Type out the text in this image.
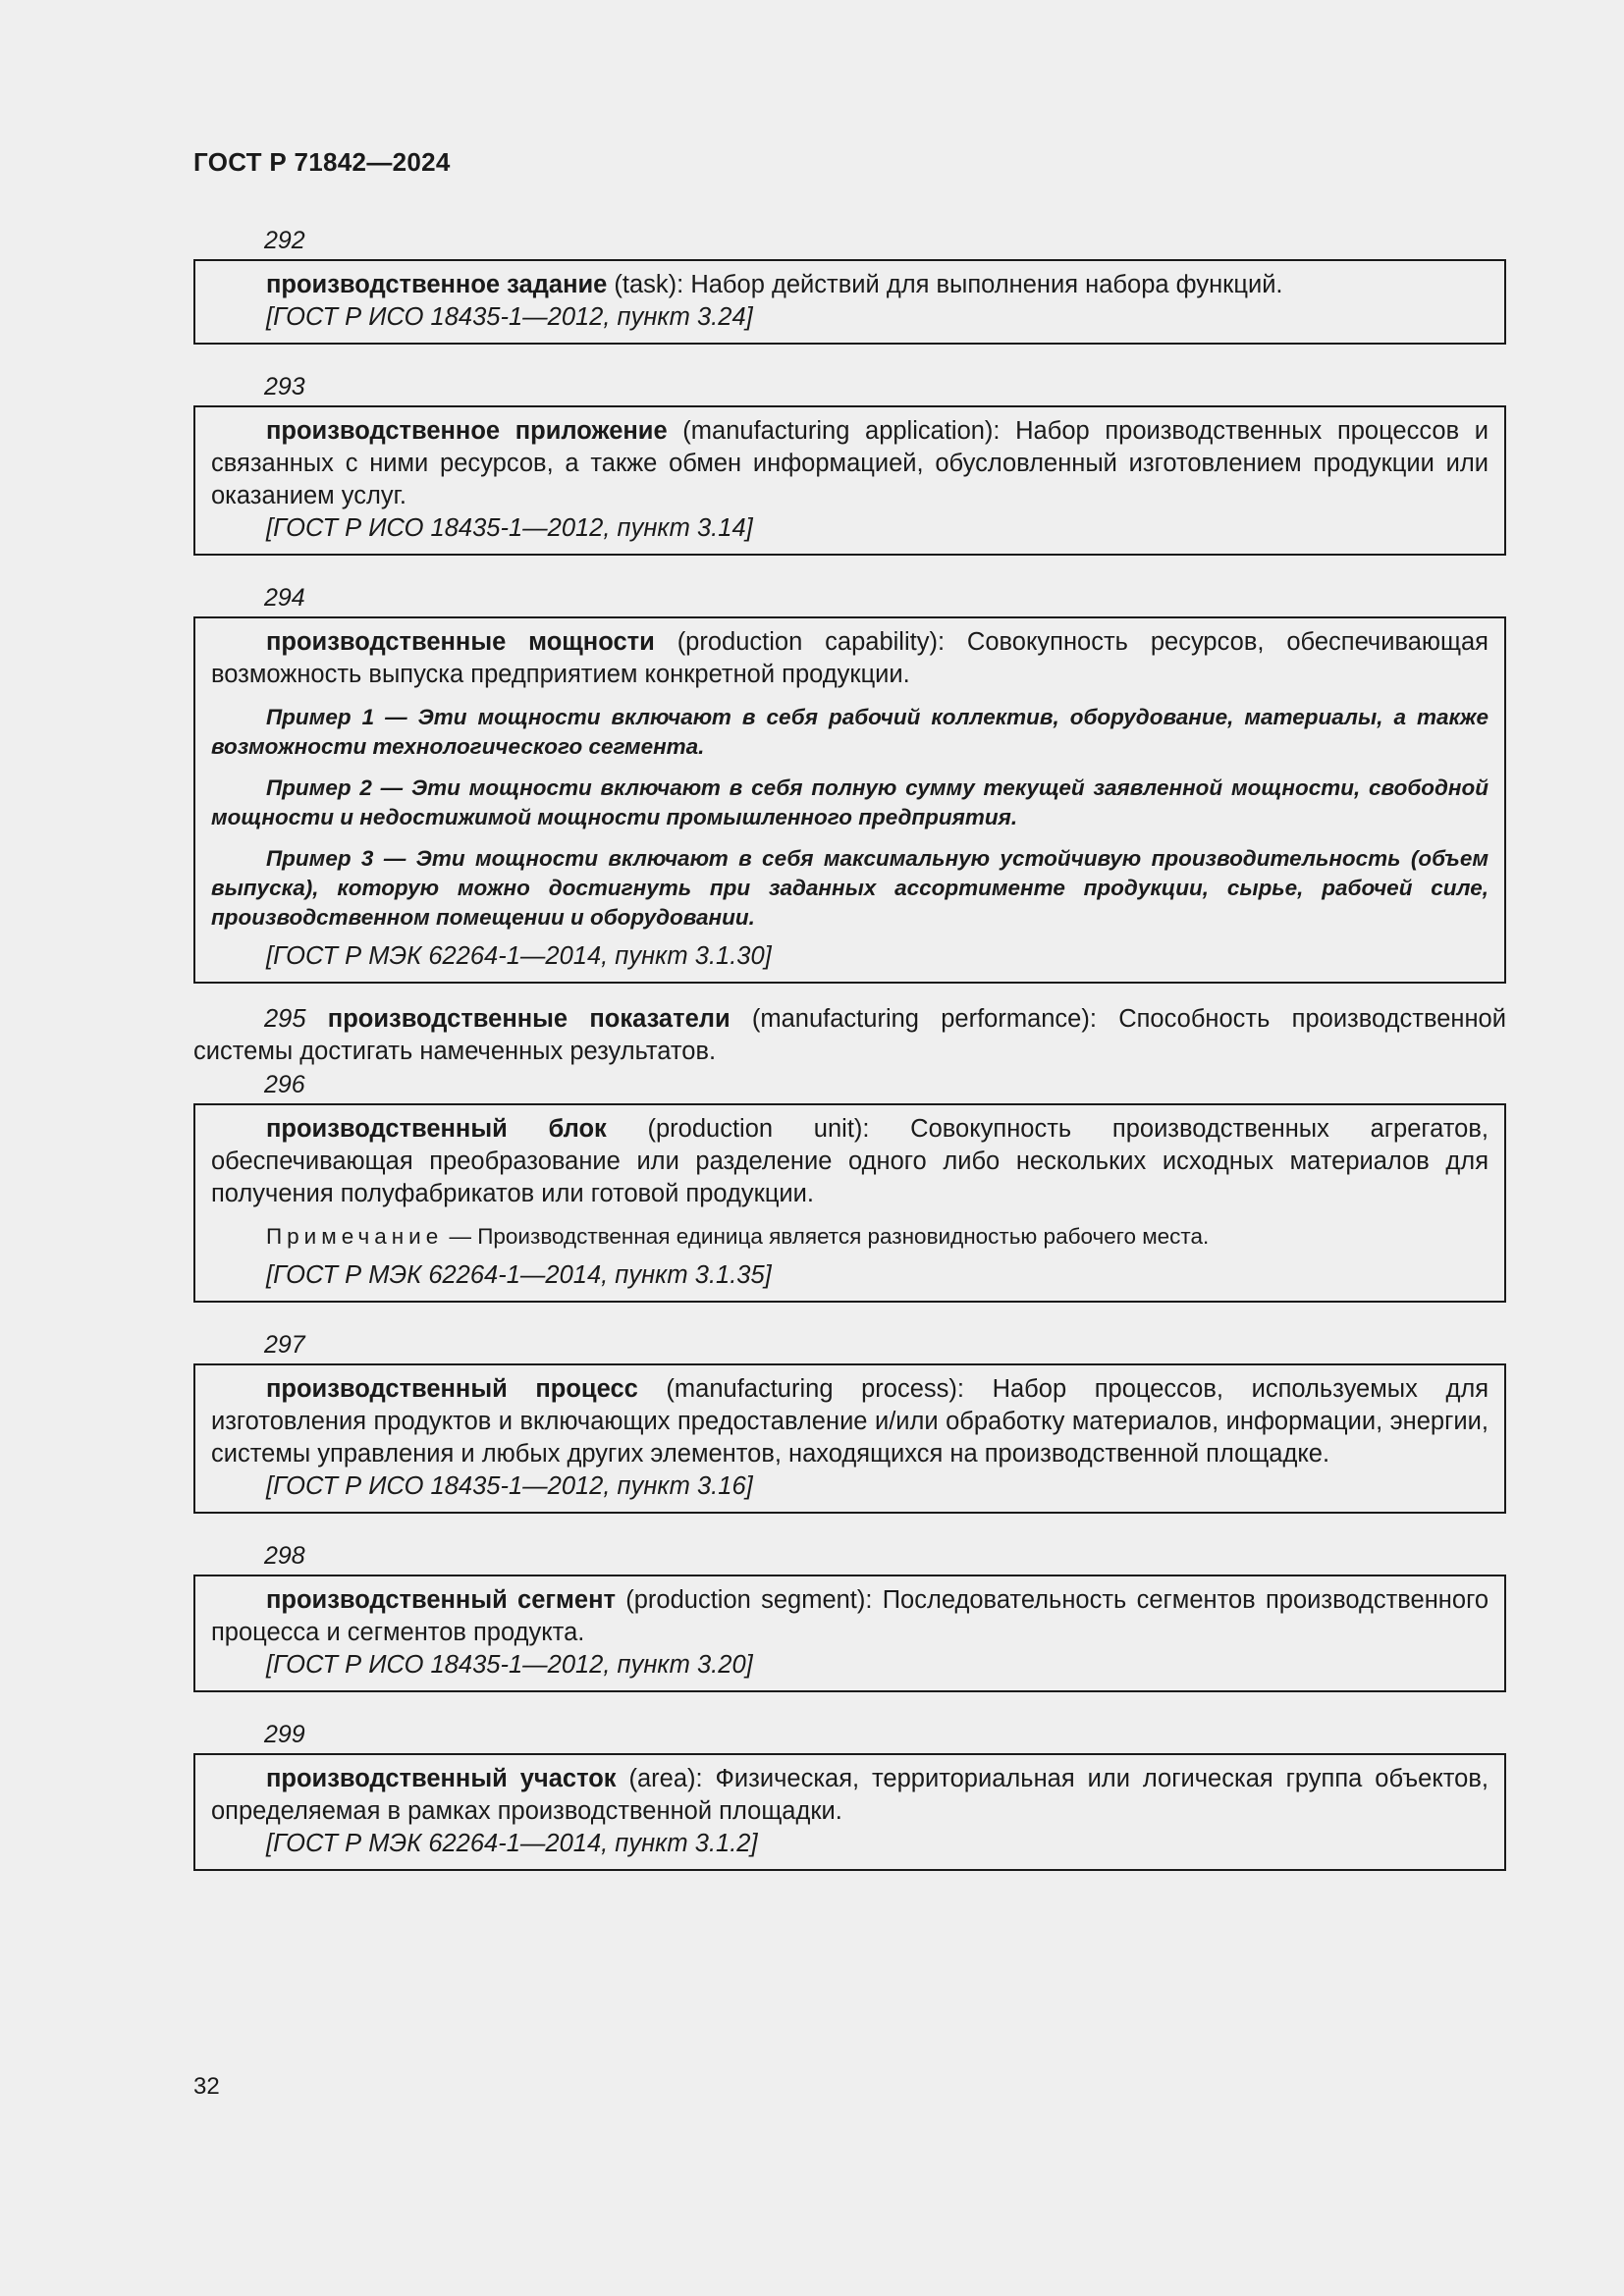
ГОСТ Р 71842—2024
292

производственное задание (task): Набор действий для выполнения набора функций.

[ГОСТ Р ИСО 18435-1—2012, пункт 3.24]

293

производственное приложение (manufacturing application): Набор производственных процессов и связанных с ними ресурсов, а также обмен информацией, обусловленный изготовлением продукции или оказанием услуг.

[ГОСТ Р ИСО 18435-1—2012, пункт 3.14]

294

производственные мощности (production capability): Совокупность ресурсов, обеспечивающая возможность выпуска предприятием конкретной продукции.

Пример 1 — Эти мощности включают в себя рабочий коллектив, оборудование, материалы, а также возможности технологического сегмента.

Пример 2 — Эти мощности включают в себя полную сумму текущей заявленной мощности, свободной мощности и недостижимой мощности промышленного предприятия.

Пример 3 — Эти мощности включают в себя максимальную устойчивую производительность (объем выпуска), которую можно достигнуть при заданных ассортименте продукции, сырье, рабочей силе, производственном помещении и оборудовании.

[ГОСТ Р МЭК 62264-1—2014, пункт 3.1.30]

295 производственные показатели (manufacturing performance): Способность производственной системы достигать намеченных результатов.

296

производственный блок (production unit): Совокупность производственных агрегатов, обеспечивающая преобразование или разделение одного либо нескольких исходных материалов для получения полуфабрикатов или готовой продукции.

Примечание — Производственная единица является разновидностью рабочего места.

[ГОСТ Р МЭК 62264-1—2014, пункт 3.1.35]

297

производственный процесс (manufacturing process): Набор процессов, используемых для изготовления продуктов и включающих предоставление и/или обработку материалов, информации, энергии, системы управления и любых других элементов, находящихся на производственной площадке.

[ГОСТ Р ИСО 18435-1—2012, пункт 3.16]

298

производственный сегмент (production segment): Последовательность сегментов производственного процесса и сегментов продукта.

[ГОСТ Р ИСО 18435-1—2012, пункт 3.20]

299

производственный участок (area): Физическая, территориальная или логическая группа объектов, определяемая в рамках производственной площадки.

[ГОСТ Р МЭК 62264-1—2014, пункт 3.1.2]

32
